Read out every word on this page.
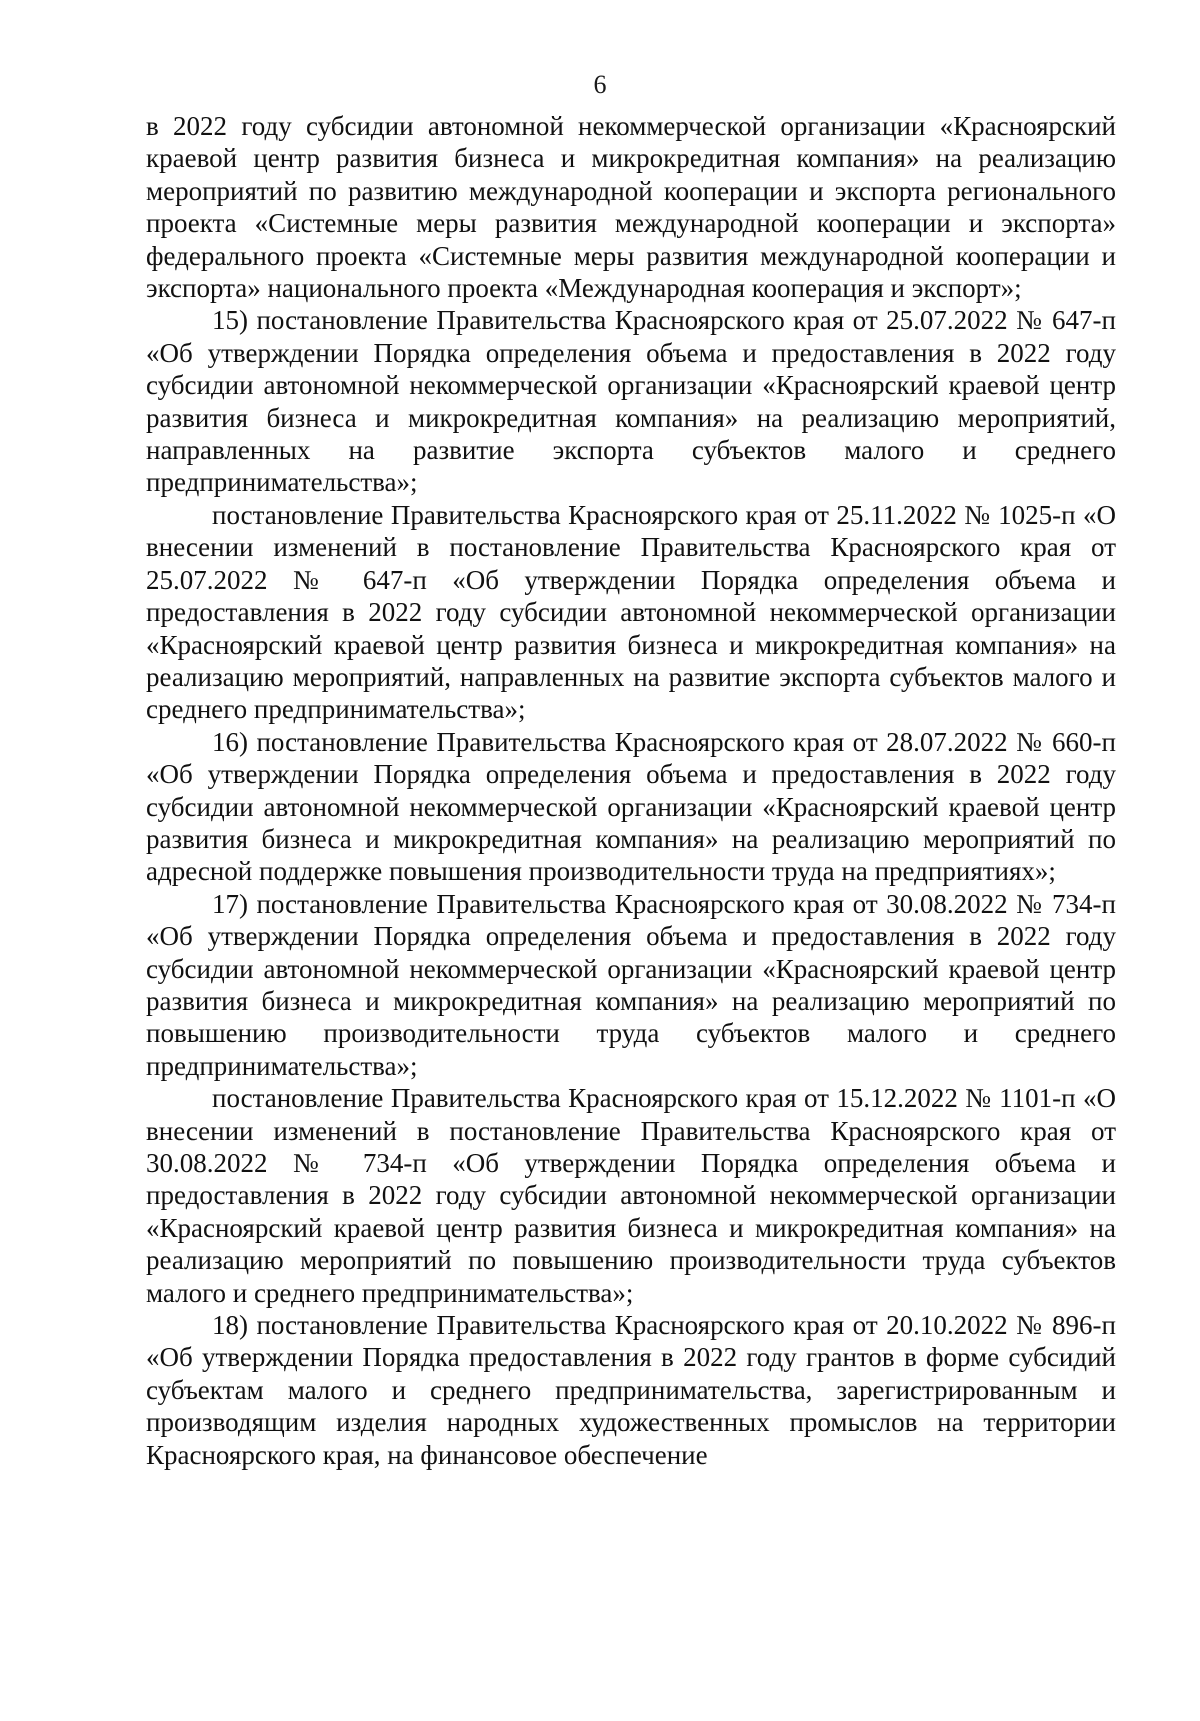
6

в 2022 году субсидии автономной некоммерческой организации «Красноярский краевой центр развития бизнеса и микрокредитная компания» на реализацию мероприятий по развитию международной кооперации и экспорта регионального проекта «Системные меры развития международной кооперации и экспорта» федерального проекта «Системные меры развития международной кооперации и экспорта» национального проекта «Международная кооперация и экспорт»;

15) постановление Правительства Красноярского края от 25.07.2022 № 647-п «Об утверждении Порядка определения объема и предоставления в 2022 году субсидии автономной некоммерческой организации «Красноярский краевой центр развития бизнеса и микрокредитная компания» на реализацию мероприятий, направленных на развитие экспорта субъектов малого и среднего предпринимательства»;

постановление Правительства Красноярского края от 25.11.2022 № 1025-п «О внесении изменений в постановление Правительства Красноярского края от 25.07.2022 № 647-п «Об утверждении Порядка определения объема и предоставления в 2022 году субсидии автономной некоммерческой организации «Красноярский краевой центр развития бизнеса и микрокредитная компания» на реализацию мероприятий, направленных на развитие экспорта субъектов малого и среднего предпринимательства»;

16) постановление Правительства Красноярского края от 28.07.2022 № 660-п «Об утверждении Порядка определения объема и предоставления в 2022 году субсидии автономной некоммерческой организации «Красноярский краевой центр развития бизнеса и микрокредитная компания» на реализацию мероприятий по адресной поддержке повышения производительности труда на предприятиях»;

17) постановление Правительства Красноярского края от 30.08.2022 № 734-п «Об утверждении Порядка определения объема и предоставления в 2022 году субсидии автономной некоммерческой организации «Красноярский краевой центр развития бизнеса и микрокредитная компания» на реализацию мероприятий по повышению производительности труда субъектов малого и среднего предпринимательства»;

постановление Правительства Красноярского края от 15.12.2022 № 1101-п «О внесении изменений в постановление Правительства Красноярского края от 30.08.2022 № 734-п «Об утверждении Порядка определения объема и предоставления в 2022 году субсидии автономной некоммерческой организации «Красноярский краевой центр развития бизнеса и микрокредитная компания» на реализацию мероприятий по повышению производительности труда субъектов малого и среднего предпринимательства»;

18) постановление Правительства Красноярского края от 20.10.2022 № 896-п «Об утверждении Порядка предоставления в 2022 году грантов в форме субсидий субъектам малого и среднего предпринимательства, зарегистрированным и производящим изделия народных художественных промыслов на территории Красноярского края, на финансовое обеспечение
